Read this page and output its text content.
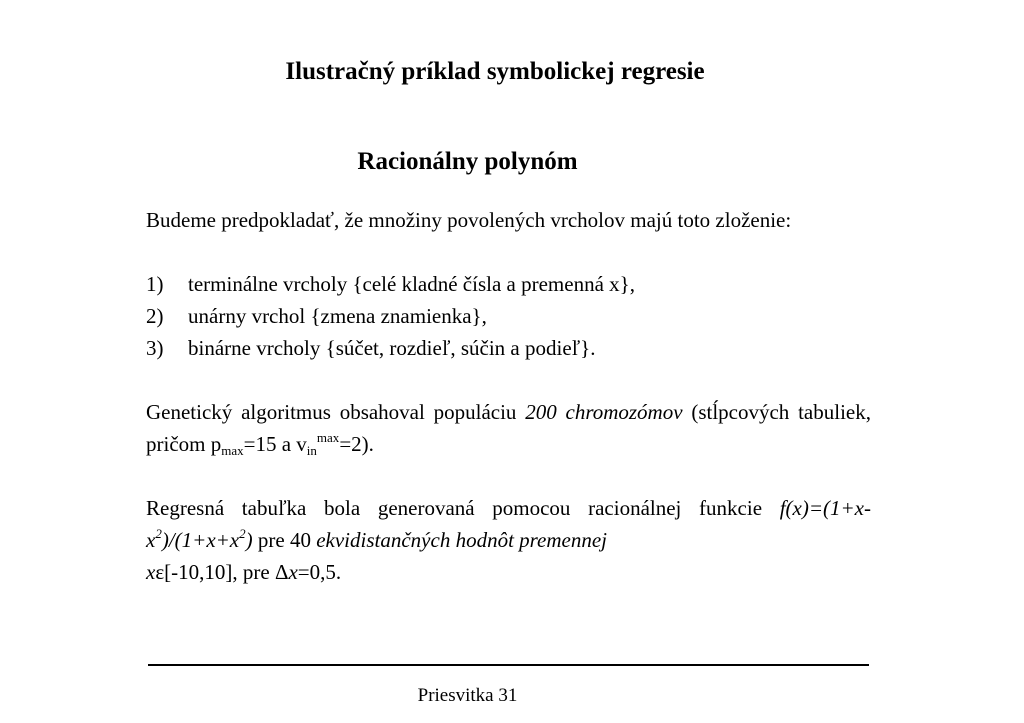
Ilustračný príklad symbolickej regresie
Racionálny polynóm

Budeme predpokladať, že množiny povolených vrcholov majú toto zloženie:

1)	terminálne vrcholy {celé kladné čísla a premenná x},
2)	unárny vrchol {zmena znamienka},
3)	binárne vrcholy {súčet, rozdieľ, súčin a podieľ}.

Genetický algoritmus obsahoval populáciu 200 chromozómov (stĺpcových tabuliek, pričom $p_{max}=15$ a $v_{in}^{max}=2$).

Regresná tabuľka bola generovaná pomocou racionálnej funkcie $f(x)=(1+x-x^2)/(1+x+x^2)$ pre 40 ekvidistančných hodnôt premennej
xε[-10,10], pre Δx=0,5.

Priesvitka 31
